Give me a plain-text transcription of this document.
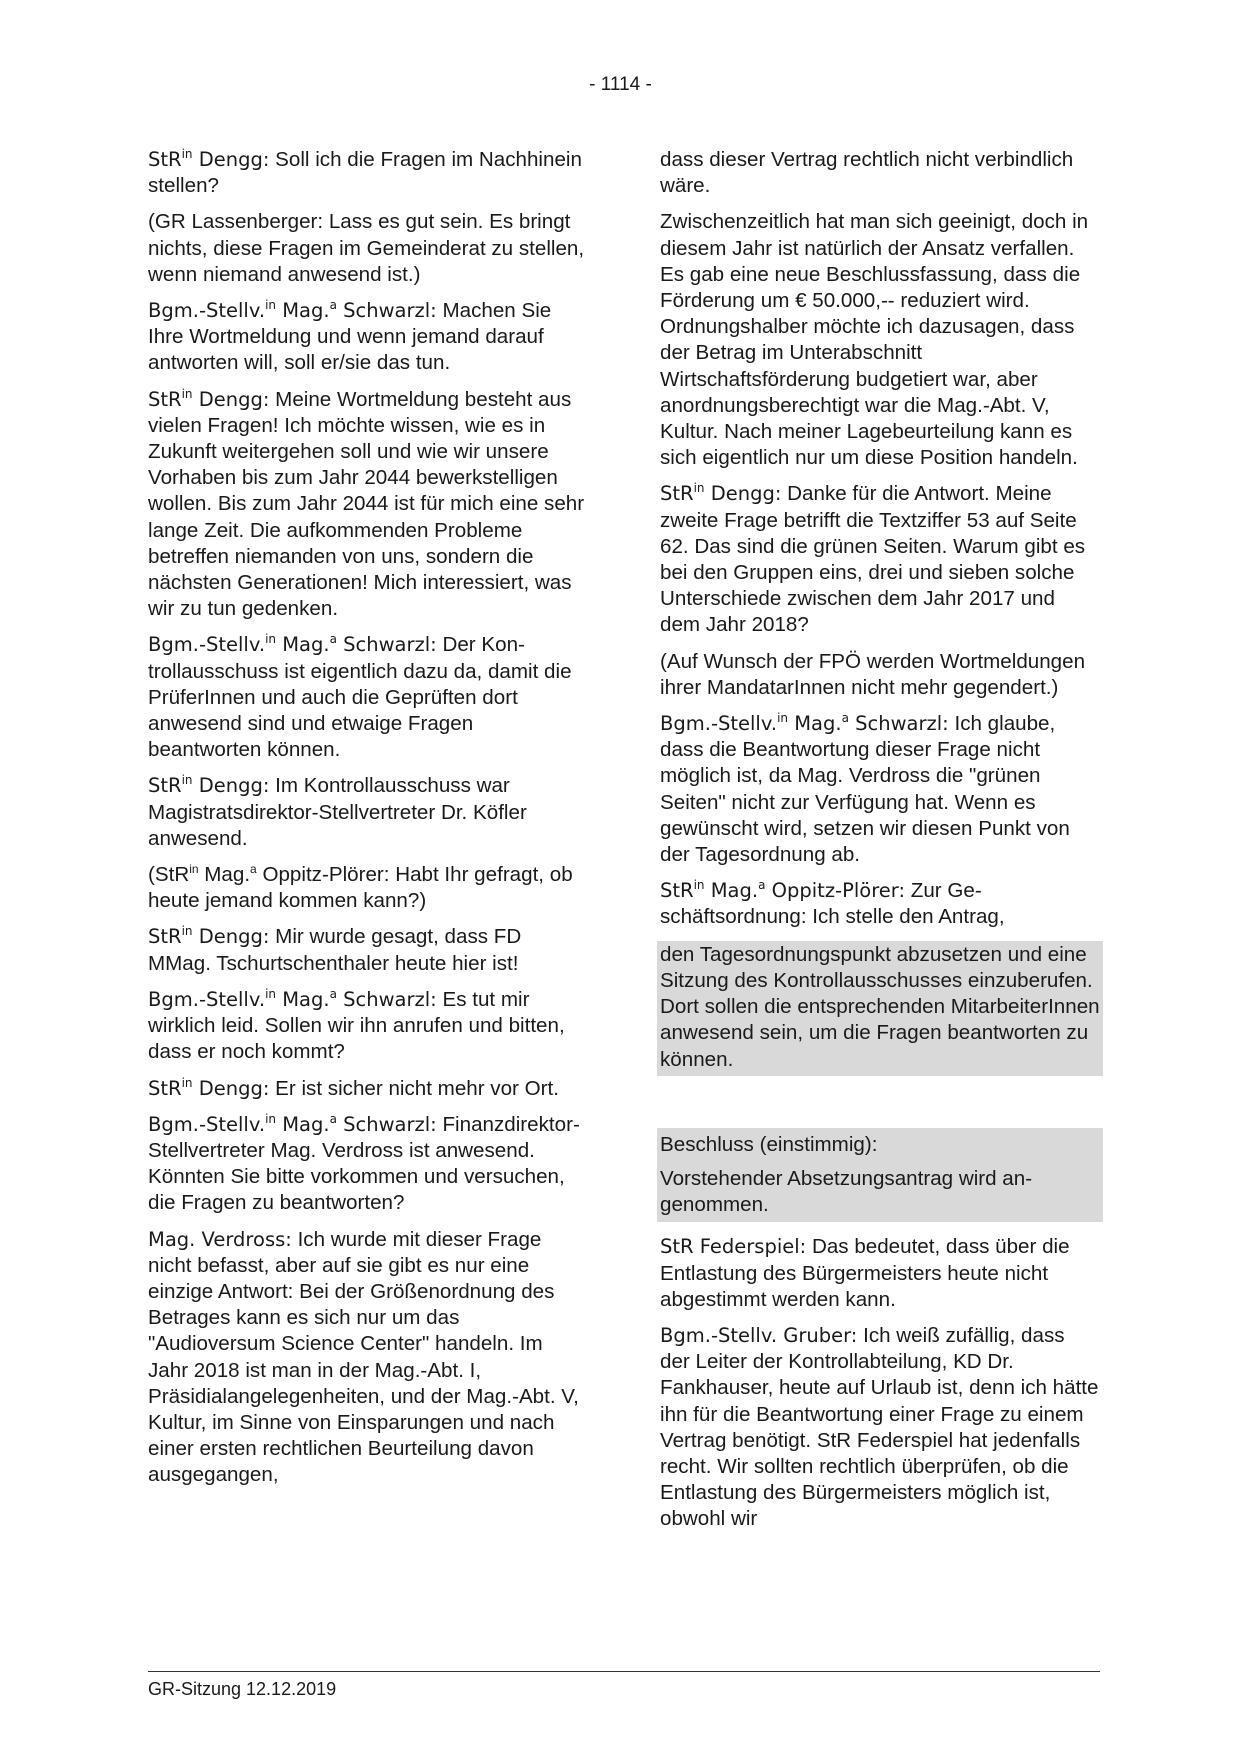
- 1114 -

StR$^{in}$ Dengg: Soll ich die Fragen im Nachhinein stellen?

(GR Lassenberger: Lass es gut sein. Es bringt nichts, diese Fragen im Gemeinderat zu stellen, wenn niemand anwesend ist.)

Bgm.-Stellv.$^{in}$ Mag.$^a$ Schwarzl: Machen Sie Ihre Wortmeldung und wenn jemand darauf antworten will, soll er/sie das tun.

StR$^{in}$ Dengg: Meine Wortmeldung besteht aus vielen Fragen! Ich möchte wissen, wie es in Zukunft weitergehen soll und wie wir unsere Vorhaben bis zum Jahr 2044 bewerkstelligen wollen. Bis zum Jahr 2044 ist für mich eine sehr lange Zeit. Die aufkommenden Probleme betreffen niemanden von uns, sondern die nächsten Generationen! Mich interessiert, was wir zu tun gedenken.

Bgm.-Stellv.$^{in}$ Mag.$^a$ Schwarzl: Der Kontrollausschuss ist eigentlich dazu da, damit die PrüferInnen und auch die Geprüften dort anwesend sind und etwaige Fragen beantworten können.

StR$^{in}$ Dengg: Im Kontrollausschuss war Magistratsdirektor-Stellvertreter Dr. Köfler anwesend.

(StR$^{in}$ Mag.$^a$ Oppitz-Plörer: Habt Ihr gefragt, ob heute jemand kommen kann?)

StR$^{in}$ Dengg: Mir wurde gesagt, dass FD MMag. Tschurtschenthaler heute hier ist!

Bgm.-Stellv.$^{in}$ Mag.$^a$ Schwarzl: Es tut mir wirklich leid. Sollen wir ihn anrufen und bitten, dass er noch kommt?

StR$^{in}$ Dengg: Er ist sicher nicht mehr vor Ort.

Bgm.-Stellv.$^{in}$ Mag.$^a$ Schwarzl: Finanzdirektor-Stellvertreter Mag. Verdross ist anwesend. Könnten Sie bitte vorkommen und versuchen, die Fragen zu beantworten?

Mag. Verdross: Ich wurde mit dieser Frage nicht befasst, aber auf sie gibt es nur eine einzige Antwort: Bei der Größenordnung des Betrages kann es sich nur um das "Audioversum Science Center" handeln. Im Jahr 2018 ist man in der Mag.-Abt. I, Präsidialangelegenheiten, und der Mag.-Abt. V, Kultur, im Sinne von Einsparungen und nach einer ersten rechtlichen Beurteilung davon ausgegangen,

dass dieser Vertrag rechtlich nicht verbindlich wäre.

Zwischenzeitlich hat man sich geeinigt, doch in diesem Jahr ist natürlich der Ansatz verfallen. Es gab eine neue Beschlussfassung, dass die Förderung um € 50.000,-- reduziert wird. Ordnungshalber möchte ich dazusagen, dass der Betrag im Unterabschnitt Wirtschaftsförderung budgetiert war, aber anordnungsberechtigt war die Mag.-Abt. V, Kultur. Nach meiner Lagebeurteilung kann es sich eigentlich nur um diese Position handeln.

StR$^{in}$ Dengg: Danke für die Antwort. Meine zweite Frage betrifft die Textziffer 53 auf Seite 62. Das sind die grünen Seiten. Warum gibt es bei den Gruppen eins, drei und sieben solche Unterschiede zwischen dem Jahr 2017 und dem Jahr 2018?

(Auf Wunsch der FPÖ werden Wortmeldungen ihrer MandatarInnen nicht mehr gegendert.)

Bgm.-Stellv.$^{in}$ Mag.$^a$ Schwarzl: Ich glaube, dass die Beantwortung dieser Frage nicht möglich ist, da Mag. Verdross die "grünen Seiten" nicht zur Verfügung hat. Wenn es gewünscht wird, setzen wir diesen Punkt von der Tagesordnung ab.

StR$^{in}$ Mag.$^a$ Oppitz-Plörer: Zur Geschäftsordnung: Ich stelle den Antrag,

den Tagesordnungspunkt abzusetzen und eine Sitzung des Kontrollausschusses einzuberufen. Dort sollen die entsprechenden MitarbeiterInnen anwesend sein, um die Fragen beantworten zu können.

Beschluss (einstimmig):

Vorstehender Absetzungsantrag wird angenommen.

StR Federspiel: Das bedeutet, dass über die Entlastung des Bürgermeisters heute nicht abgestimmt werden kann.

Bgm.-Stellv. Gruber: Ich weiß zufällig, dass der Leiter der Kontrollabteilung, KD Dr. Fankhauser, heute auf Urlaub ist, denn ich hätte ihn für die Beantwortung einer Frage zu einem Vertrag benötigt. StR Federspiel hat jedenfalls recht. Wir sollten rechtlich überprüfen, ob die Entlastung des Bürgermeisters möglich ist, obwohl wir

GR-Sitzung 12.12.2019
